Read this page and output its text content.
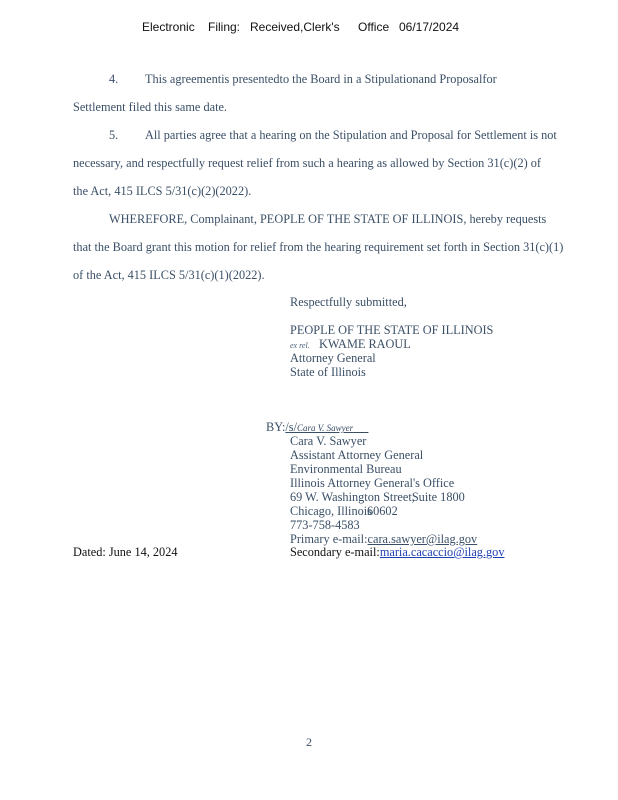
Electronic Filing: Received,Clerk's Office 06/17/2024
4. This agreementis presentedto the Board in a Stipulationand Proposalfor
Settlement filed this same date.
5. All parties agree that a hearing on the Stipulation and Proposal for Settlement is not
necessary, and respectfully request relief from such a hearing as allowed by Section 31(c)(2) of
the Act, 415 ILCS 5/31(c)(2)(2022).
WHEREFORE, Complainant, PEOPLE OF THE STATE OF ILLINOIS, hereby requests
that the Board grant this motion for relief from the hearing requirement set forth in Section 31(c)(1)
of the Act, 415 ILCS 5/31(c)(1)(2022).
Respectfully submitted,
PEOPLE OF THE STATE OF ILLINOIS
ex rel. KWAME RAOUL
Attorney General
State of Illinois
BY:/s/Cara V. Sawyer
Cara V. Sawyer
Assistant Attorney General
Environmental Bureau
Illinois Attorney General's Office
69 W. Washington Street,Suite 1800
Chicago, Illinois60602
773-758-4583
Primary e-mail:cara.sawyer@ilag.gov
Dated: June 14, 2024	Secondary e-mail:maria.cacaccio@ilag.gov
2
